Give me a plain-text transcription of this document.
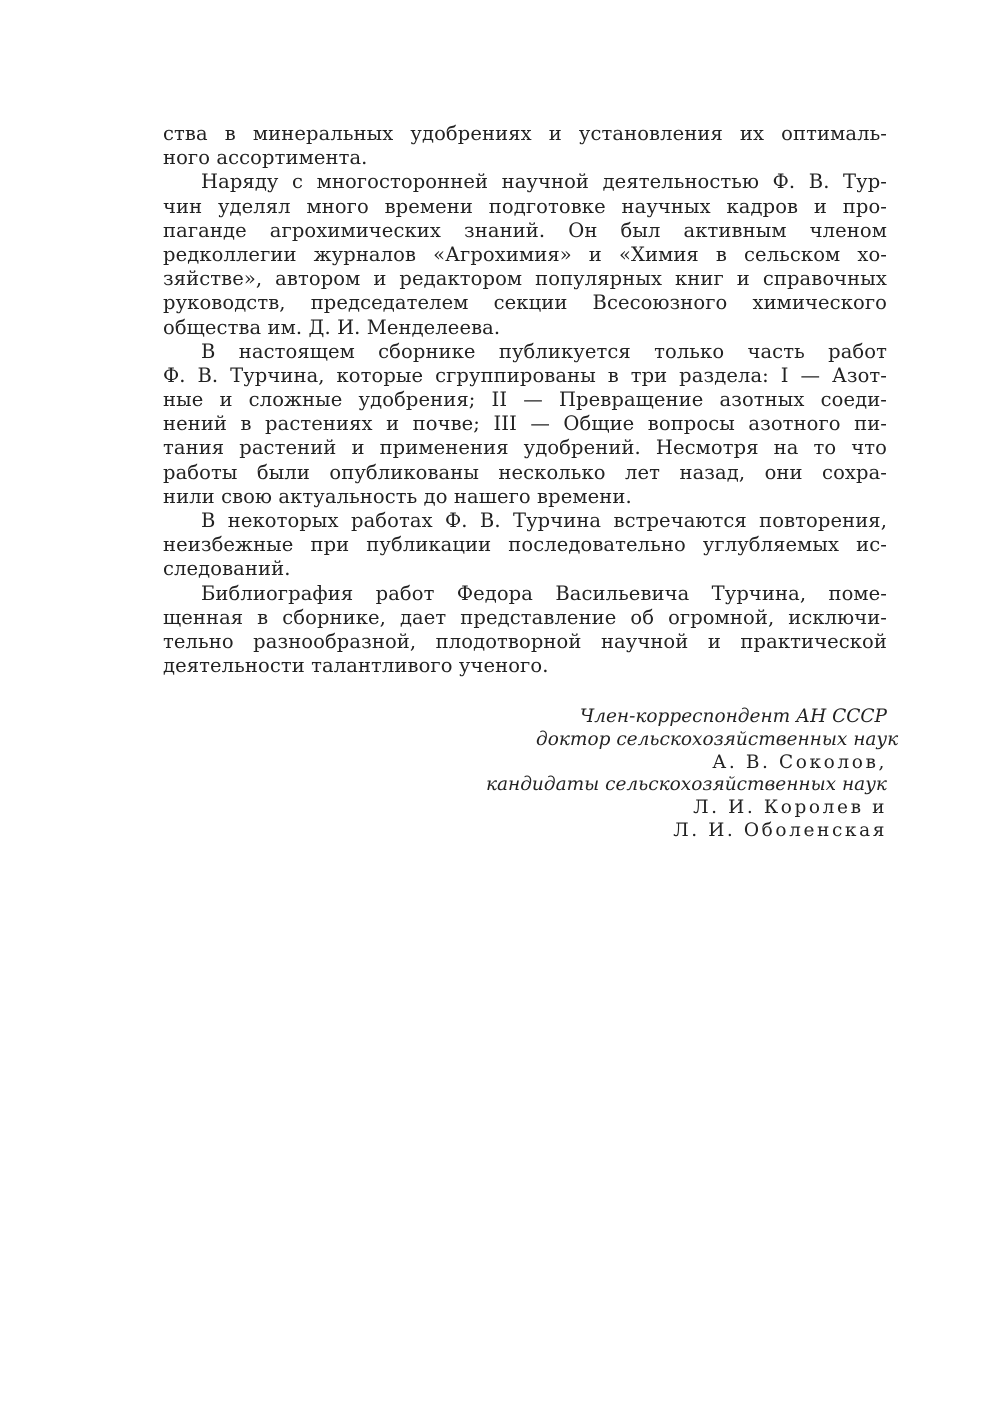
ства в минеральных удобрениях и установления их оптималь-
ного ассортимента.
Наряду с многосторонней научной деятельностью Ф. В. Тур-
чин уделял много времени подготовке научных кадров и про-
паганде агрохимических знаний. Он был активным членом
редколлегии журналов «Агрохимия» и «Химия в сельском хо-
зяйстве», автором и редактором популярных книг и справочных
руководств, председателем секции Всесоюзного химического
общества им. Д. И. Менделеева.
В настоящем сборнике публикуется только часть работ
Ф. В. Турчина, которые сгруппированы в три раздела: I — Азот-
ные и сложные удобрения; II — Превращение азотных соеди-
нений в растениях и почве; III — Общие вопросы азотного пи-
тания растений и применения удобрений. Несмотря на то что
работы были опубликованы несколько лет назад, они сохра-
нили свою актуальность до нашего времени.
В некоторых работах Ф. В. Турчина встречаются повторения,
неизбежные при публикации последовательно углубляемых ис-
следований.
Библиография работ Федора Васильевича Турчина, поме-
щенная в сборнике, дает представление об огромной, исключи-
тельно разнообразной, плодотворной научной и практической
деятельности талантливого ученого.
Член-корреспондент АН СССР
доктор сельскохозяйственных наук
А. В. Соколов,
кандидаты сельскохозяйственных наук
Л. И. Королев и
Л. И. Оболенская
